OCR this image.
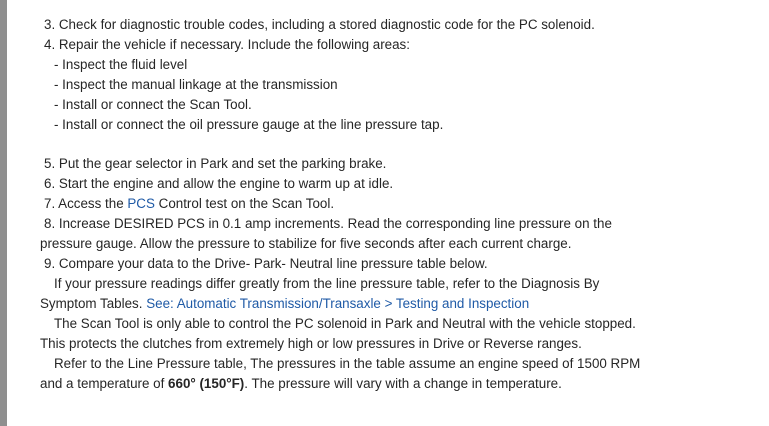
3. Check for diagnostic trouble codes, including a stored diagnostic code for the PC solenoid.
4. Repair the vehicle if necessary. Include the following areas:
- Inspect the fluid level
- Inspect the manual linkage at the transmission
- Install or connect the Scan Tool.
- Install or connect the oil pressure gauge at the line pressure tap.
5. Put the gear selector in Park and set the parking brake.
6. Start the engine and allow the engine to warm up at idle.
7. Access the PCS Control test on the Scan Tool.
8. Increase DESIRED PCS in 0.1 amp increments. Read the corresponding line pressure on the
pressure gauge. Allow the pressure to stabilize for five seconds after each current charge.
9. Compare your data to the Drive- Park- Neutral line pressure table below.
If your pressure readings differ greatly from the line pressure table, refer to the Diagnosis By
Symptom Tables. See: Automatic Transmission/Transaxle > Testing and Inspection
The Scan Tool is only able to control the PC solenoid in Park and Neutral with the vehicle stopped.
This protects the clutches from extremely high or low pressures in Drive or Reverse ranges.
Refer to the Line Pressure table, The pressures in the table assume an engine speed of 1500 RPM
and a temperature of 660° (150°F). The pressure will vary with a change in temperature.
